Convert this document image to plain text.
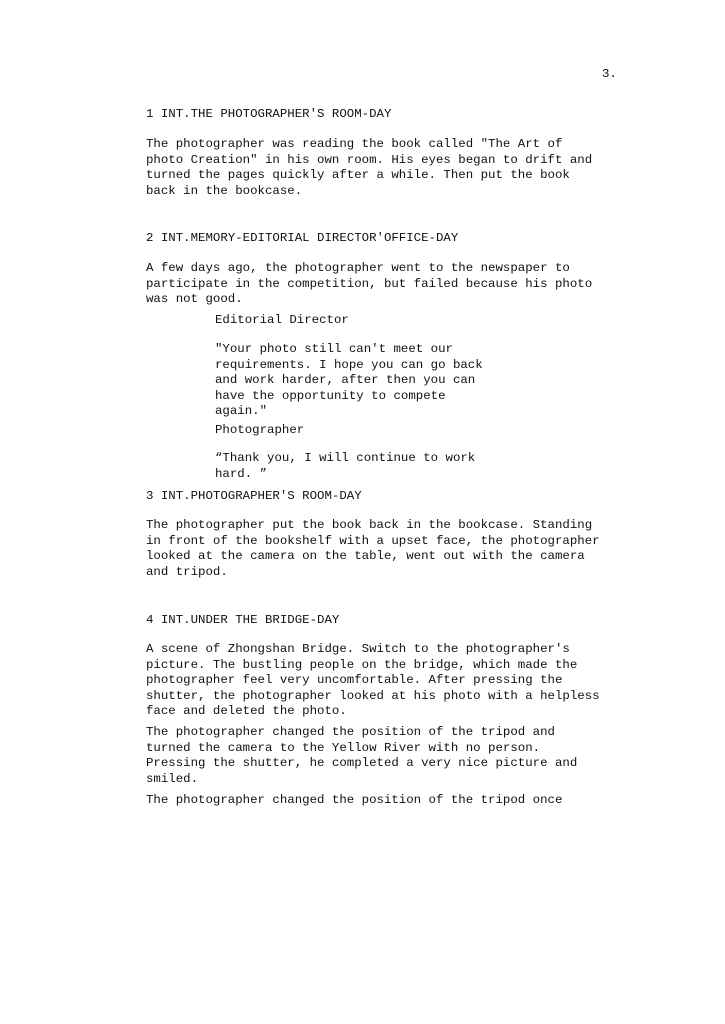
3.

1 INT.THE PHOTOGRAPHER'S ROOM-DAY

The photographer was reading the book called "The Art of
photo Creation" in his own room. His eyes began to drift and
turned the pages quickly after a while. Then put the book
back in the bookcase.

2 INT.MEMORY-EDITORIAL DIRECTOR'OFFICE-DAY

A few days ago, the photographer went to the newspaper to
participate in the competition, but failed because his photo
was not good.

Editorial Director

"Your photo still can't meet our
requirements. I hope you can go back
and work harder, after then you can
have the opportunity to compete
again."

Photographer

“Thank you, I will continue to work
hard. ”

3 INT.PHOTOGRAPHER'S ROOM-DAY

The photographer put the book back in the bookcase. Standing
in front of the bookshelf with a upset face, the photographer
looked at the camera on the table, went out with the camera
and tripod.

4 INT.UNDER THE BRIDGE-DAY

A scene of Zhongshan Bridge. Switch to the photographer's
picture. The bustling people on the bridge, which made the
photographer feel very uncomfortable. After pressing the
shutter, the photographer looked at his photo with a helpless
face and deleted the photo.

The photographer changed the position of the tripod and
turned the camera to the Yellow River with no person.
Pressing the shutter, he completed a very nice picture and
smiled.

The photographer changed the position of the tripod once
